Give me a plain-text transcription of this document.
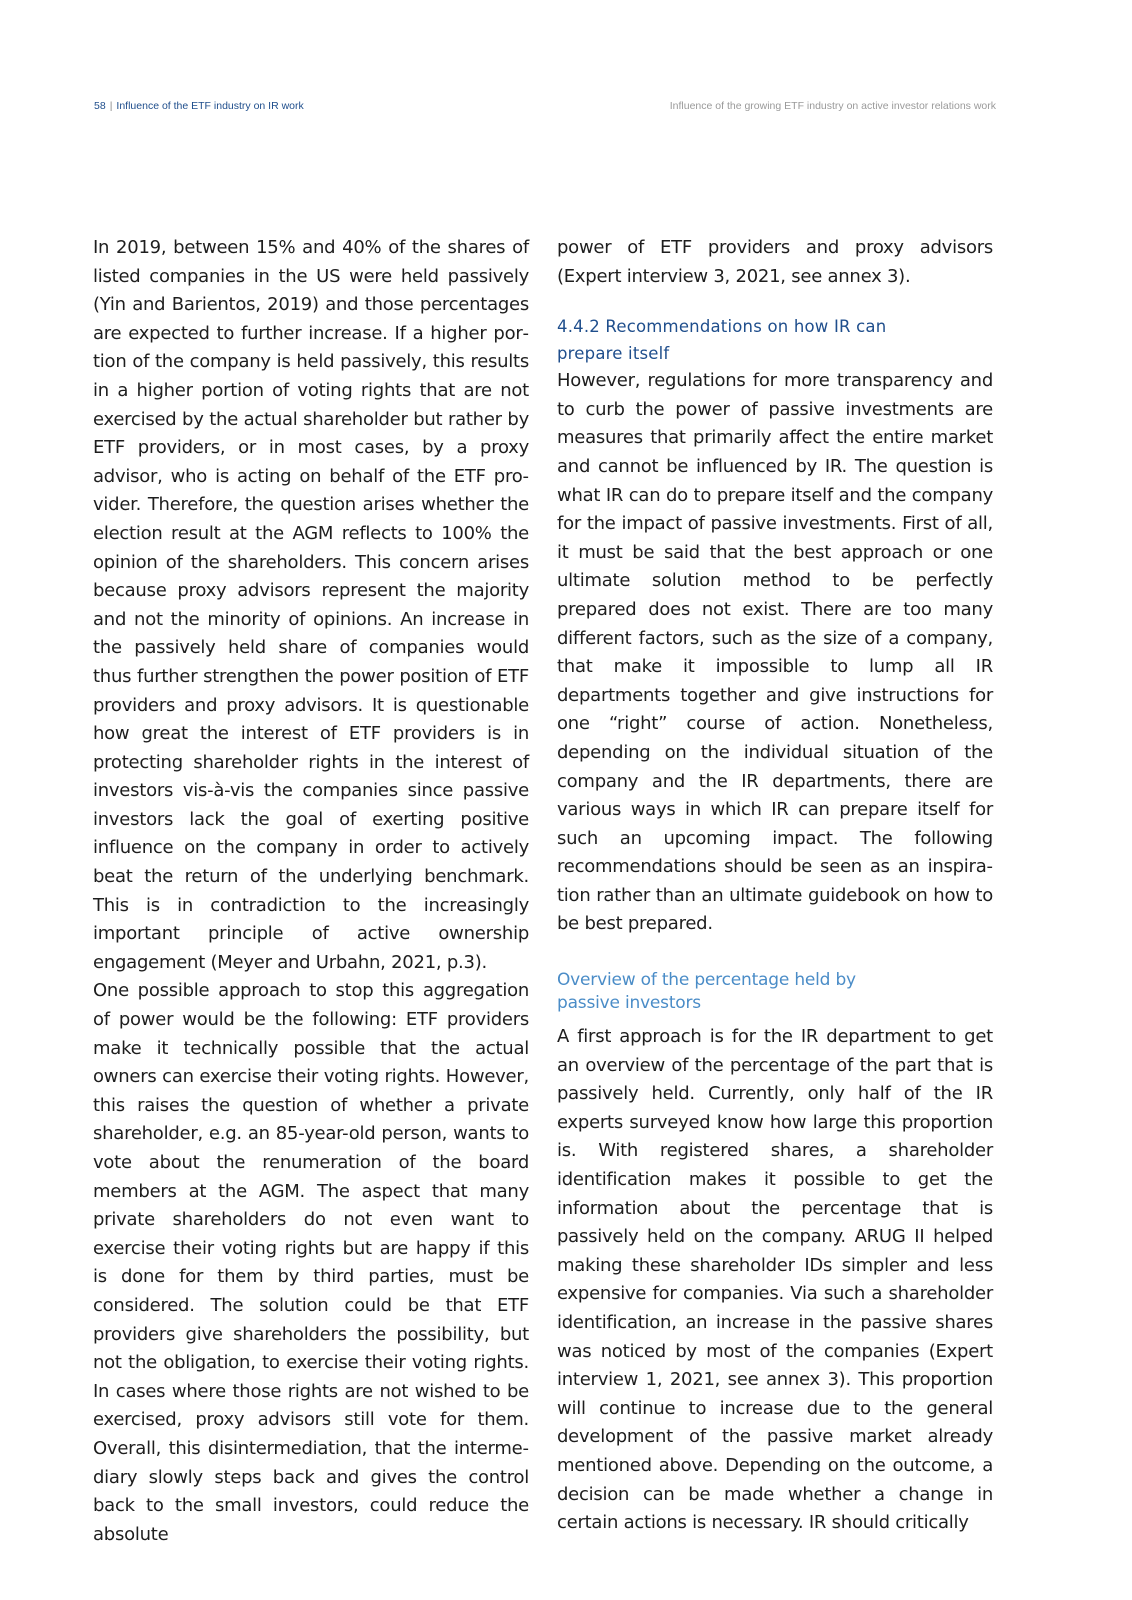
58 | Influence of the ETF industry on IR work	Influence of the growing ETF industry on active investor relations work

In 2019, between 15% and 40% of the shares of listed companies in the US were held passively (Yin and Barientos, 2019) and those percentages are expected to further increase. If a higher portion of the company is held passively, this results in a higher portion of voting rights that are not exercised by the actual shareholder but rather by ETF providers, or in most cases, by a proxy advisor, who is acting on behalf of the ETF provider. Therefore, the question arises whether the election result at the AGM reflects to 100% the opinion of the shareholders. This concern arises because proxy advisors represent the majority and not the minority of opinions. An increase in the passively held share of companies would thus further strengthen the power position of ETF providers and proxy advisors. It is questionable how great the interest of ETF providers is in protecting shareholder rights in the interest of investors vis-à-vis the companies since passive investors lack the goal of exerting positive influence on the company in order to actively beat the return of the underlying benchmark. This is in contradiction to the increasingly important principle of active ownership engagement (Meyer and Urbahn, 2021, p.3).

One possible approach to stop this aggregation of power would be the following: ETF providers make it technically possible that the actual owners can exercise their voting rights. However, this raises the question of whether a private shareholder, e.g. an 85-year-old person, wants to vote about the renumeration of the board members at the AGM. The aspect that many private shareholders do not even want to exercise their voting rights but are happy if this is done for them by third parties, must be considered. The solution could be that ETF providers give shareholders the possibility, but not the obligation, to exercise their voting rights. In cases where those rights are not wished to be exercised, proxy advisors still vote for them. Overall, this disintermediation, that the intermediary slowly steps back and gives the control back to the small investors, could reduce the absolute

power of ETF providers and proxy advisors (Expert interview 3, 2021, see annex 3).

4.4.2 Recommendations on how IR can
prepare itself

However, regulations for more transparency and to curb the power of passive investments are measures that primarily affect the entire market and cannot be influenced by IR. The question is what IR can do to prepare itself and the company for the impact of passive investments. First of all, it must be said that the best approach or one ultimate solution method to be perfectly prepared does not exist. There are too many different factors, such as the size of a company, that make it impossible to lump all IR departments together and give instructions for one “right” course of action. Nonetheless, depending on the individual situation of the company and the IR departments, there are various ways in which IR can prepare itself for such an upcoming impact. The following recommendations should be seen as an inspiration rather than an ultimate guidebook on how to be best prepared.

Overview of the percentage held by
passive investors

A first approach is for the IR department to get an overview of the percentage of the part that is passively held. Currently, only half of the IR experts surveyed know how large this proportion is. With registered shares, a shareholder identification makes it possible to get the information about the percentage that is passively held on the company. ARUG II helped making these shareholder IDs simpler and less expensive for companies. Via such a shareholder identification, an increase in the passive shares was noticed by most of the companies (Expert interview 1, 2021, see annex 3). This proportion will continue to increase due to the general development of the passive market already mentioned above. Depending on the outcome, a decision can be made whether a change in certain actions is necessary. IR should critically
